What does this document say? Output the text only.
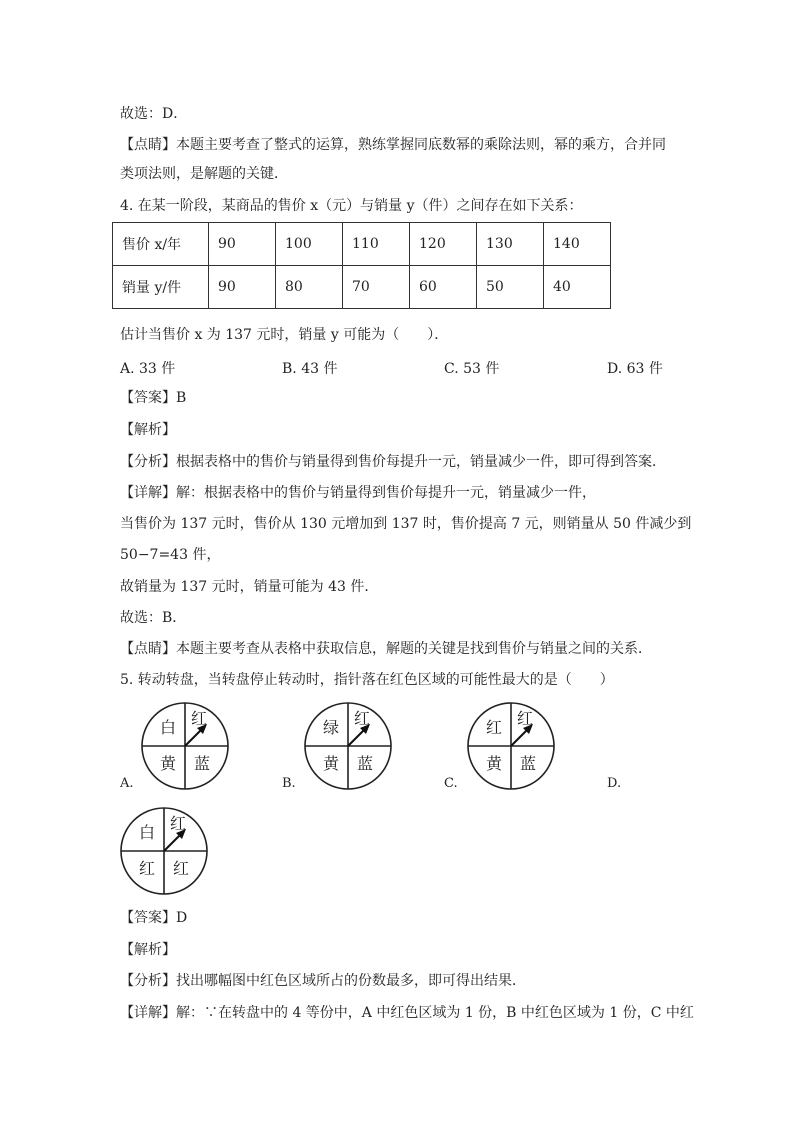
故选：D．
【点睛】本题主要考查了整式的运算，熟练掌握同底数幂的乘除法则，幂的乘方，合并同
类项法则，是解题的关键．
4. 在某一阶段，某商品的售价 x（元）与销量 y（件）之间存在如下关系：
售价 x/年	90	100	110	120	130	140
销量 y/件	90	80	70	60	50	40
估计当售价 x 为 137 元时，销量 y 可能为（　　）．
A. 33 件	B. 43 件	C. 53 件	D. 63 件
【答案】B
【解析】
【分析】根据表格中的售价与销量得到售价每提升一元，销量减少一件，即可得到答案．
【详解】解：根据表格中的售价与销量得到售价每提升一元，销量减少一件，
当售价为 137 元时，售价从 130 元增加到 137 时，售价提高 7 元，则销量从 50 件减少到
50−7=43 件，
故销量为 137 元时，销量可能为 43 件．
故选：B．
【点睛】本题主要考查从表格中获取信息，解题的关键是找到售价与销量之间的关系．
5. 转动转盘，当转盘停止转动时，指针落在红色区域的可能性最大的是（　　）
白 红
黄 蓝
A.
绿 红
黄 蓝
B.
红 红
黄 蓝
C.	D.
白 红
红 红
【答案】D
【解析】
【分析】找出哪幅图中红色区域所占的份数最多，即可得出结果．
【详解】解：∵在转盘中的 4 等份中，A 中红色区域为 1 份，B 中红色区域为 1 份，C 中红
